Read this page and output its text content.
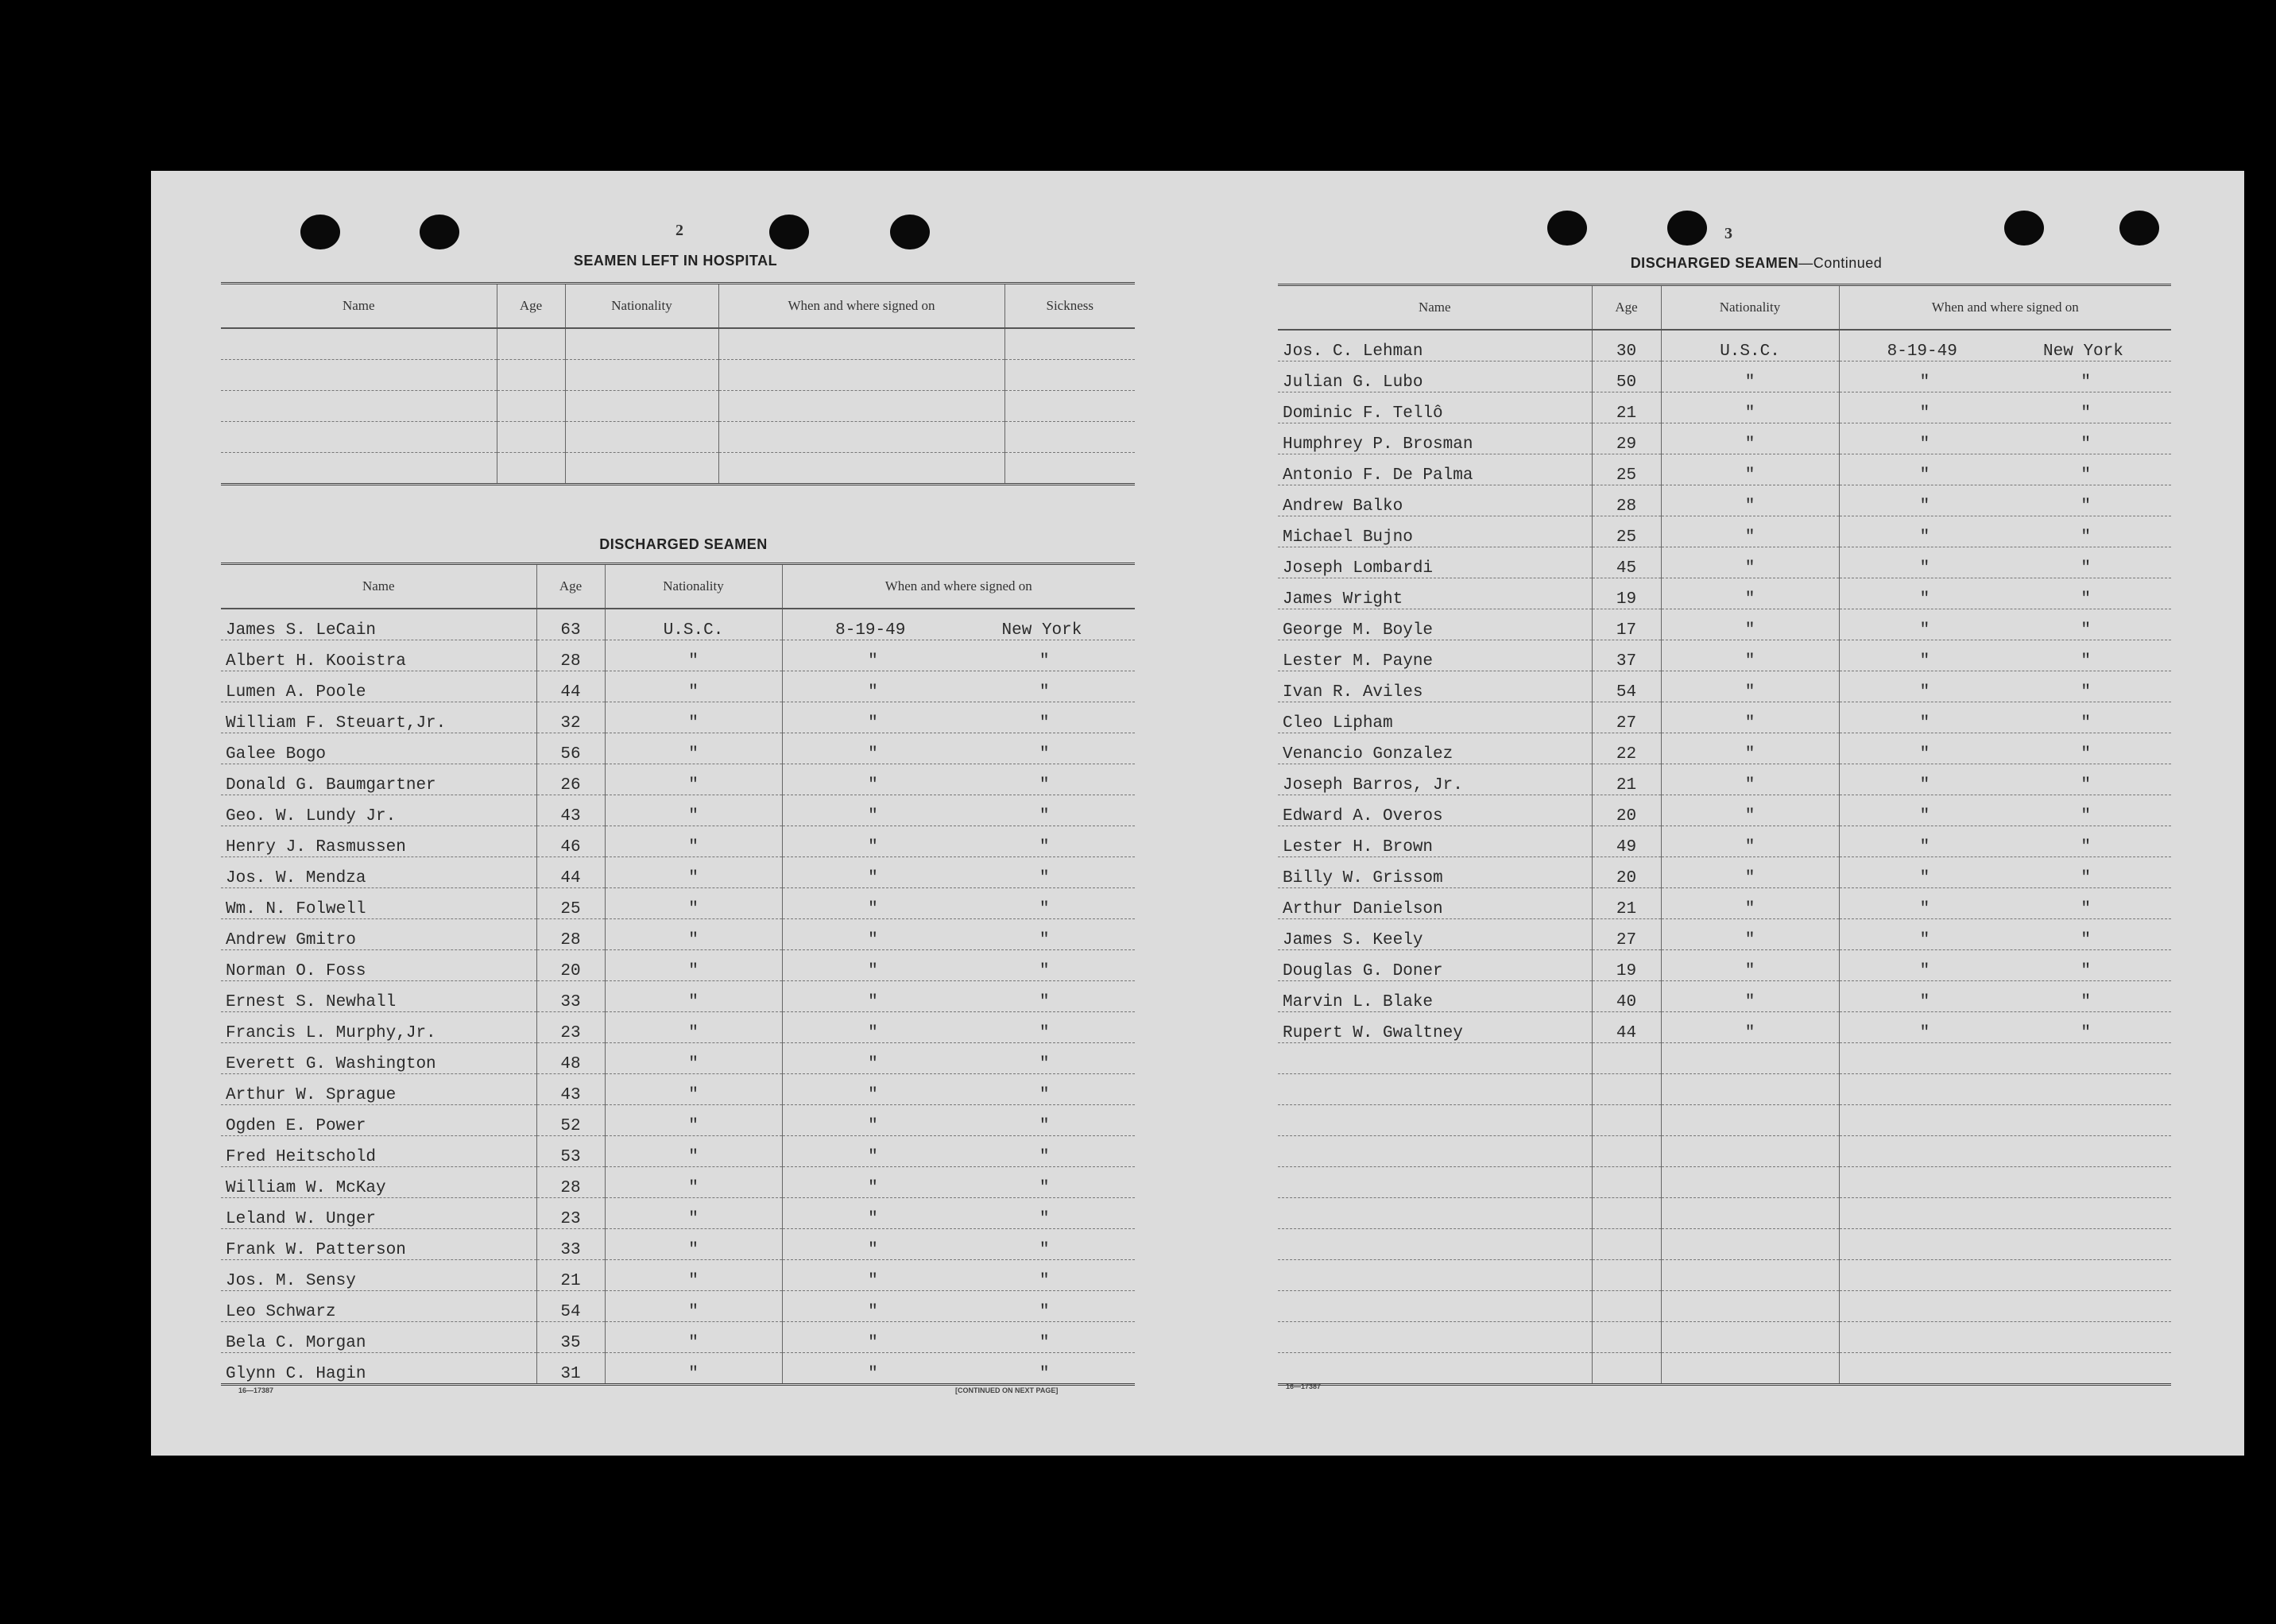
2
SEAMEN LEFT IN HOSPITAL
Name	Age	Nationality	When and where signed on	Sickness

DISCHARGED SEAMEN
Name	Age	Nationality	When and where signed on
James S. LeCain	63	U.S.C.	8-19-49 New York

Albert H. Kooistra	28	"	" "

Lumen A. Poole	44	"	" "

William F. Steuart,Jr.	32	"	" "

Galee Bogo	56	"	" "

Donald G. Baumgartner	26	"	" "

Geo. W. Lundy Jr.	43	"	" "

Henry J. Rasmussen	46	"	" "

Jos. W. Mendza	44	"	" "

Wm. N. Folwell	25	"	" "

Andrew Gmitro	28	"	" "

Norman O. Foss	20	"	" "

Ernest S. Newhall	33	"	" "

Francis L. Murphy,Jr.	23	"	" "

Everett G. Washington	48	"	" "

Arthur W. Sprague	43	"	" "

Ogden E. Power	52	"	" "

Fred Heitschold	53	"	" "

William W. McKay	28	"	" "

Leland W. Unger	23	"	" "

Frank W. Patterson	33	"	" "

Jos. M. Sensy	21	"	" "

Leo Schwarz	54	"	" "

Bela C. Morgan	35	"	" "

Glynn C. Hagin	31	"	" "
16—17387	[CONTINUED ON NEXT PAGE]
3
DISCHARGED SEAMEN—Continued
Name	Age	Nationality	When and where signed on
Jos. C. Lehman	30	U.S.C.	8-19-49 New York

Julian G. Lubo	50	"	" "

Dominic F. Tellô	21	"	" "

Humphrey P. Brosman	29	"	" "

Antonio F. De Palma	25	"	" "

Andrew Balko	28	"	" "

Michael Bujno	25	"	" "

Joseph Lombardi	45	"	" "

James Wright	19	"	" "

George M. Boyle	17	"	" "

Lester M. Payne	37	"	" "

Ivan R. Aviles	54	"	" "

Cleo Lipham	27	"	" "

Venancio Gonzalez	22	"	" "

Joseph Barros, Jr.	21	"	" "

Edward A. Overos	20	"	" "

Lester H. Brown	49	"	" "

Billy W. Grissom	20	"	" "

Arthur Danielson	21	"	" "

James S. Keely	27	"	" "

Douglas G. Doner	19	"	" "

Marvin L. Blake	40	"	" "

Rupert W. Gwaltney	44	"	" "

16—17387
